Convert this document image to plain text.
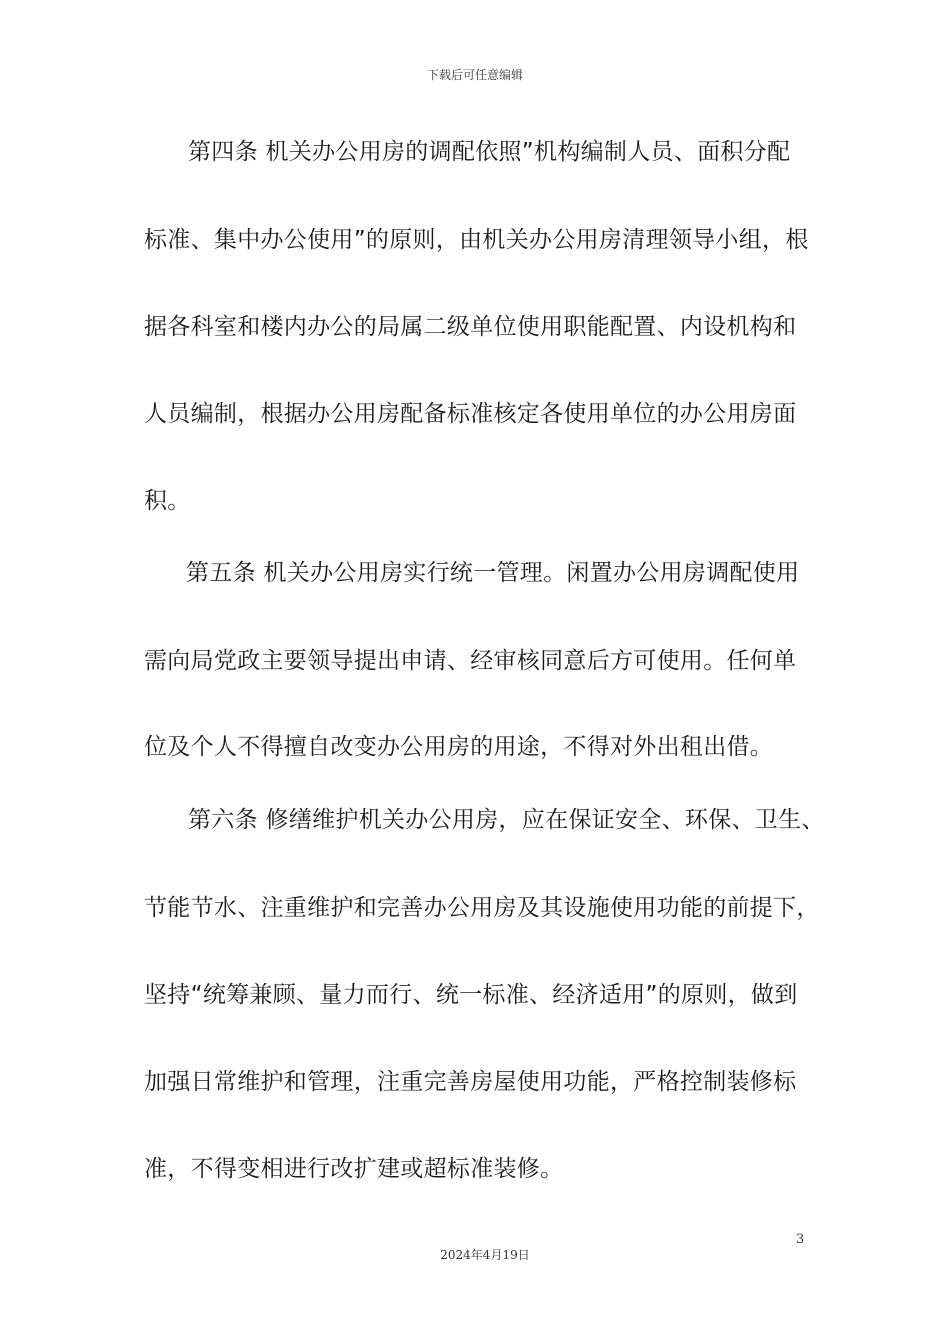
下载后可任意编辑
第四条 机关办公用房的调配依照”机构编制人员、面积分配
标准、集中办公使用”的原则，由机关办公用房清理领导小组，根
据各科室和楼内办公的局属二级单位使用职能配置、内设机构和
人员编制，根据办公用房配备标准核定各使用单位的办公用房面
积。
第五条 机关办公用房实行统一管理。闲置办公用房调配使用
需向局党政主要领导提出申请、经审核同意后方可使用。任何单
位及个人不得擅自改变办公用房的用途，不得对外出租出借。
第六条 修缮维护机关办公用房，应在保证安全、环保、卫生、
节能节水、注重维护和完善办公用房及其设施使用功能的前提下，
坚持“统筹兼顾、量力而行、统一标准、经济适用”的原则，做到
加强日常维护和管理，注重完善房屋使用功能，严格控制装修标
准，不得变相进行改扩建或超标准装修。
3
2024年4月19日
